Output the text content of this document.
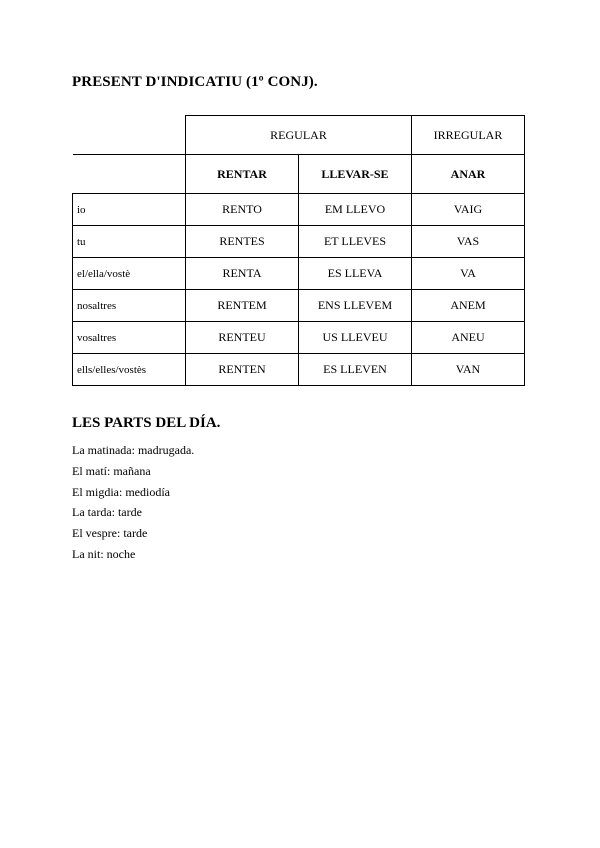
PRESENT D'INDICATIU (1º CONJ).
	REGULAR		IRREGULAR
	RENTAR	LLEVAR-SE	ANAR
io	RENTO	EM LLEVO	VAIG
tu	RENTES	ET LLEVES	VAS
el/ella/vostè	RENTA	ES LLEVA	VA
nosaltres	RENTEM	ENS LLEVEM	ANEM
vosaltres	RENTEU	US LLEVEU	ANEU
ells/elles/vostès	RENTEN	ES LLEVEN	VAN
LES PARTS DEL DÍA.
La matinada: madrugada.
El matí: mañana
El migdia: mediodía
La tarda: tarde
El vespre: tarde
La nit: noche
